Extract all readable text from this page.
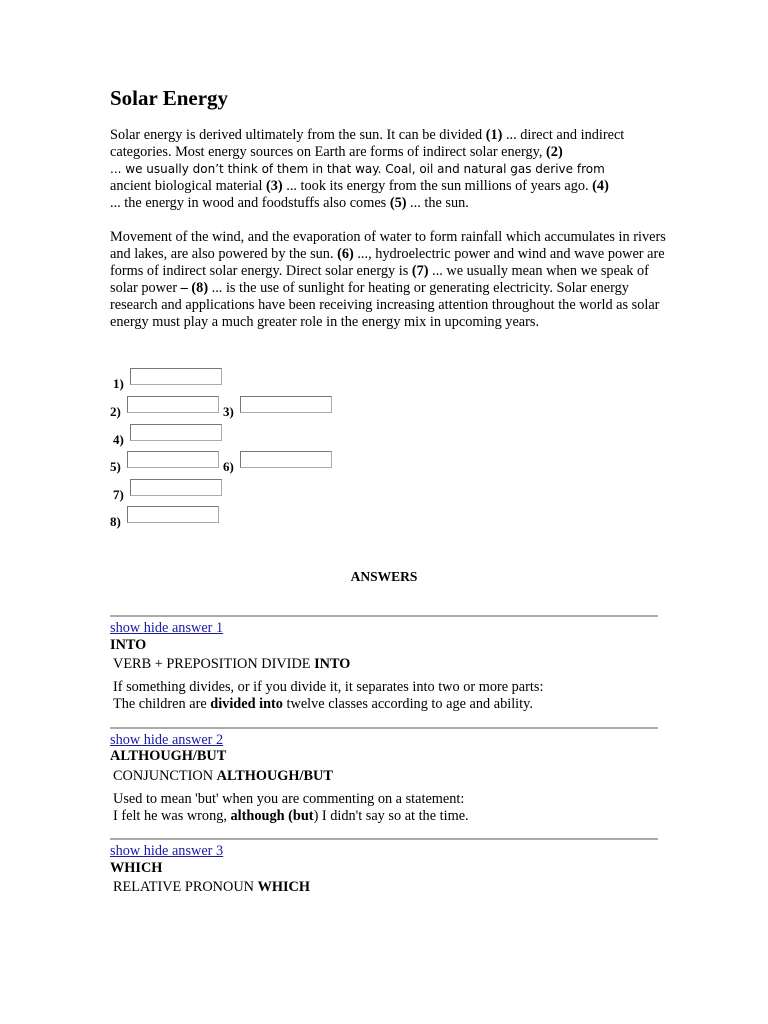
Solar Energy

Solar energy is derived ultimately from the sun. It can be divided (1) ... direct and indirect categories. Most energy sources on Earth are forms of indirect solar energy, (2)
... we usually don’t think of them in that way. Coal, oil and natural gas derive from
ancient biological material (3) ... took its energy from the sun millions of years ago. (4)
... the energy in wood and foodstuffs also comes (5) ... the sun.

Movement of the wind, and the evaporation of water to form rainfall which accumulates in rivers and lakes, are also powered by the sun. (6) ..., hydroelectric power and wind and wave power are forms of indirect solar energy. Direct solar energy is (7) ... we usually mean when we speak of solar power – (8) ... is the use of sunlight for heating or generating electricity. Solar energy research and applications have been receiving increasing attention throughout the world as solar energy must play a much greater role in the energy mix in upcoming years.

1)
2)	3)
4)
5)	6)
7)
8)
ANSWERS
show hide answer 1
INTO
VERB + PREPOSITION DIVIDE INTO
If something divides, or if you divide it, it separates into two or more parts:
The children are divided into twelve classes according to age and ability.
show hide answer 2
ALTHOUGH/BUT
CONJUNCTION ALTHOUGH/BUT
Used to mean 'but' when you are commenting on a statement:
I felt he was wrong, although (but) I didn't say so at the time.
show hide answer 3
WHICH
RELATIVE PRONOUN WHICH
